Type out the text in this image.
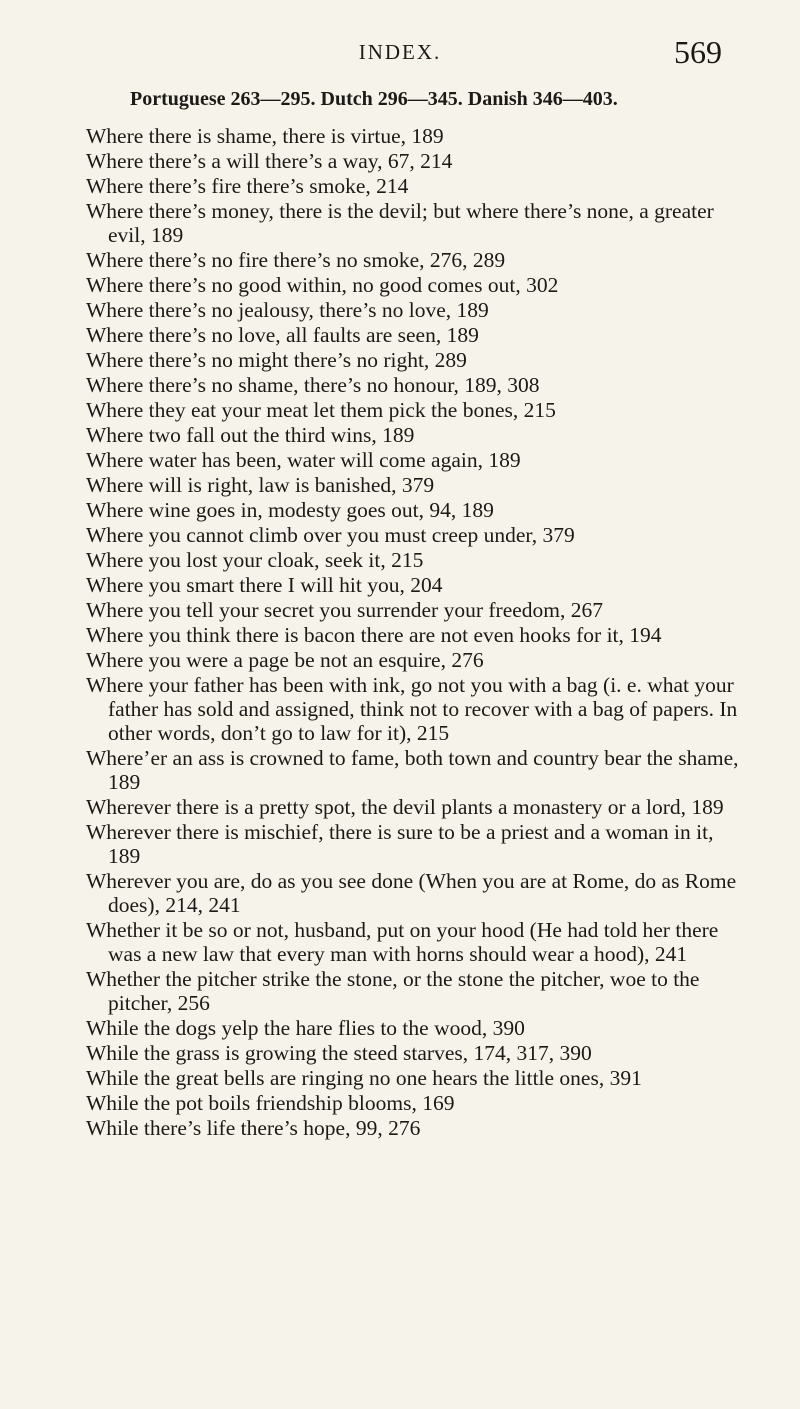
INDEX.	569
Portuguese 263—295. Dutch 296—345. Danish 346—403.

Where there is shame, there is virtue, 189

Where there’s a will there’s a way, 67, 214

Where there’s fire there’s smoke, 214

Where there’s money, there is the devil; but where there’s none, a greater evil, 189

Where there’s no fire there’s no smoke, 276, 289

Where there’s no good within, no good comes out, 302

Where there’s no jealousy, there’s no love, 189

Where there’s no love, all faults are seen, 189

Where there’s no might there’s no right, 289

Where there’s no shame, there’s no honour, 189, 308

Where they eat your meat let them pick the bones, 215

Where two fall out the third wins, 189

Where water has been, water will come again, 189

Where will is right, law is banished, 379

Where wine goes in, modesty goes out, 94, 189

Where you cannot climb over you must creep under, 379

Where you lost your cloak, seek it, 215

Where you smart there I will hit you, 204

Where you tell your secret you surrender your freedom, 267

Where you think there is bacon there are not even hooks for it, 194

Where you were a page be not an esquire, 276

Where your father has been with ink, go not you with a bag (i. e. what your father has sold and assigned, think not to recover with a bag of papers. In other words, don’t go to law for it), 215

Where’er an ass is crowned to fame, both town and country bear the shame, 189

Wherever there is a pretty spot, the devil plants a monastery or a lord, 189

Wherever there is mischief, there is sure to be a priest and a woman in it, 189

Wherever you are, do as you see done (When you are at Rome, do as Rome does), 214, 241

Whether it be so or not, husband, put on your hood (He had told her there was a new law that every man with horns should wear a hood), 241

Whether the pitcher strike the stone, or the stone the pitcher, woe to the pitcher, 256

While the dogs yelp the hare flies to the wood, 390

While the grass is growing the steed starves, 174, 317, 390

While the great bells are ringing no one hears the little ones, 391

While the pot boils friendship blooms, 169

While there’s life there’s hope, 99, 276
